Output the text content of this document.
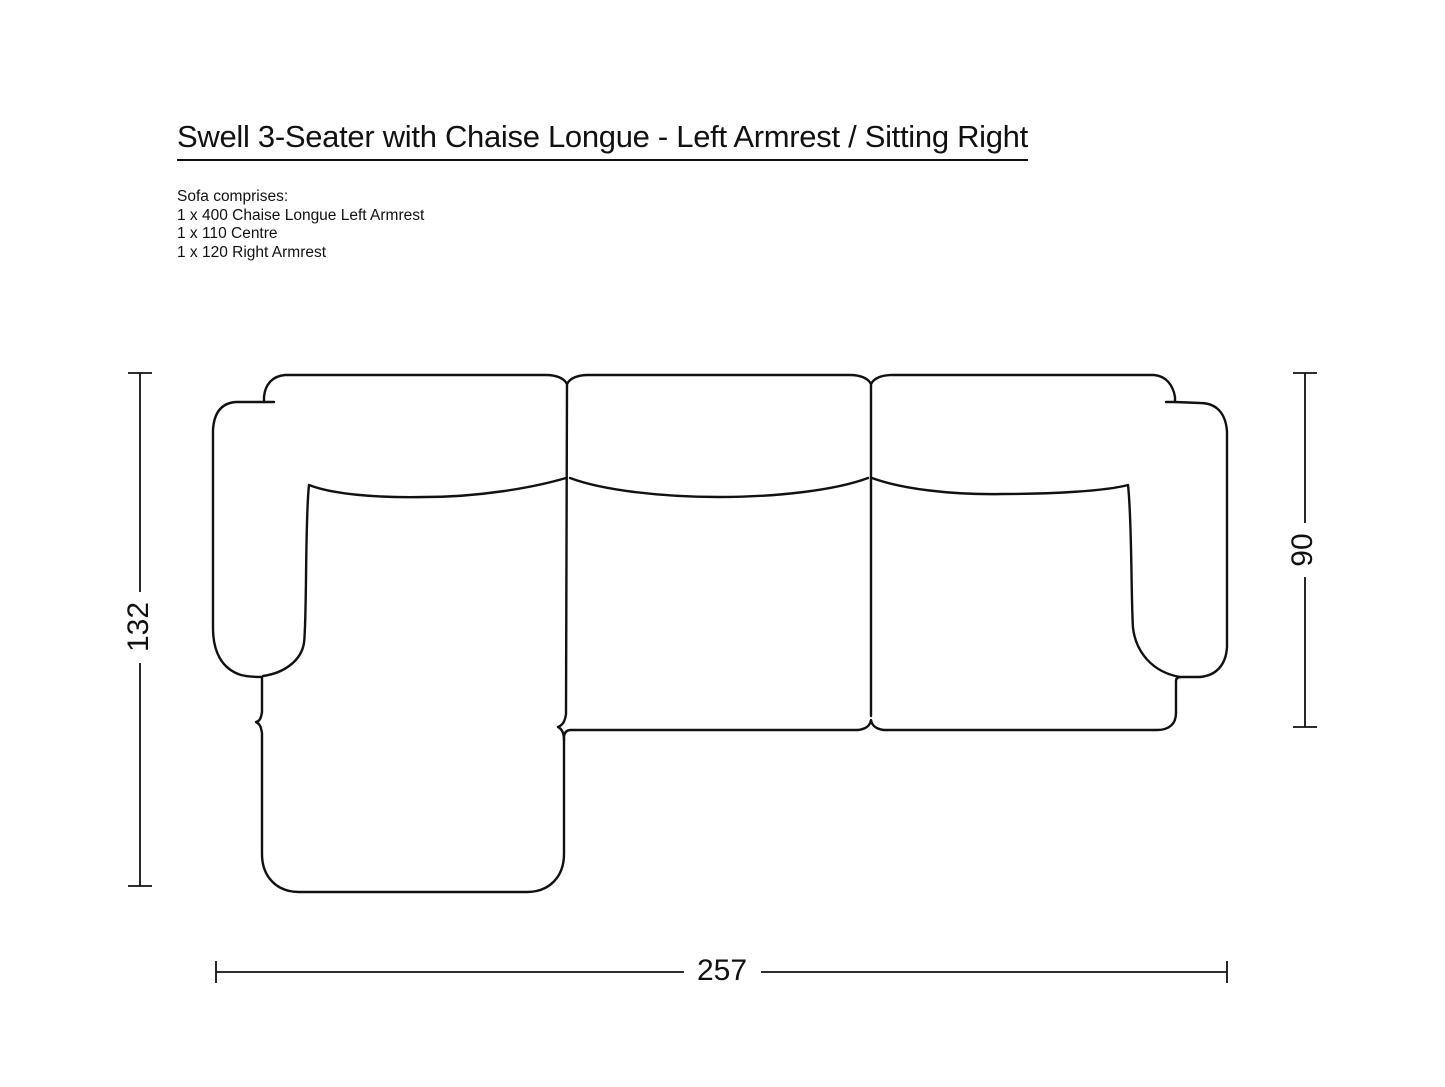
Swell 3-Seater with Chaise Longue - Left Armrest / Sitting Right
Sofa comprises:
1 x 400 Chaise Longue Left Armrest
1 x 110 Centre
1 x 120 Right Armrest
132
90
257
